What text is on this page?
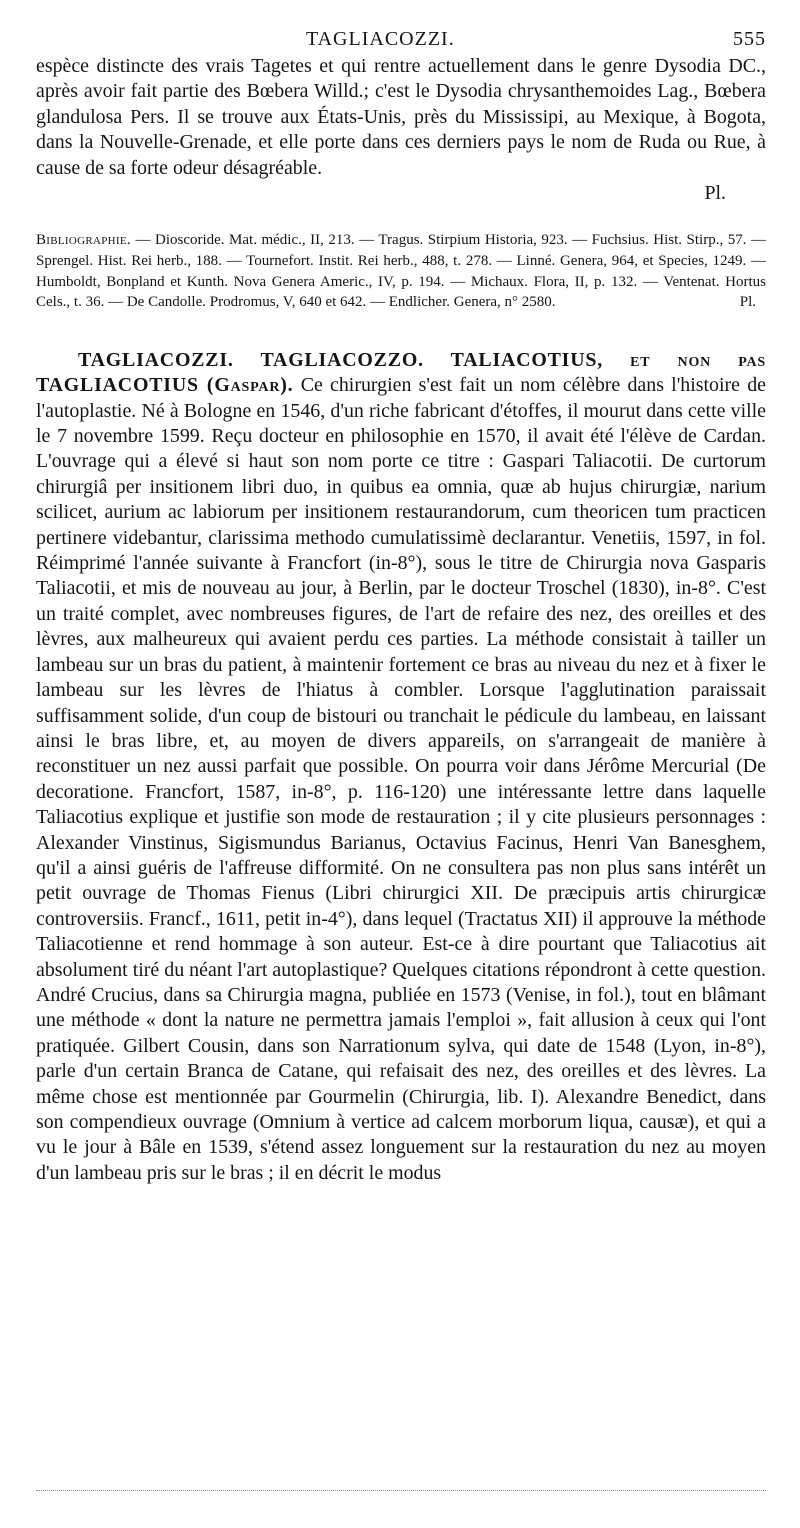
TAGLIACOZZI.	555

espèce distincte des vrais Tagetes et qui rentre actuellement dans le genre Dysodia DC., après avoir fait partie des Bœbera Willd.; c'est le Dysodia chrysanthemoides Lag., Bœbera glandulosa Pers. Il se trouve aux États-Unis, près du Mississipi, au Mexique, à Bogota, dans la Nouvelle-Grenade, et elle porte dans ces derniers pays le nom de Ruda ou Rue, à cause de sa forte odeur désagréable.
Pl.

Bibliographie. — Dioscoride. Mat. médic., II, 213. — Tragus. Stirpium Historia, 923. — Fuchsius. Hist. Stirp., 57. — Sprengel. Hist. Rei herb., 188. — Tournefort. Instit. Rei herb., 488, t. 278. — Linné. Genera, 964, et Species, 1249. — Humboldt, Bonpland et Kunth. Nova Genera Americ., IV, p. 194. — Michaux. Flora, II, p. 132. — Ventenat. Hortus Cels., t. 36. — De Candolle. Prodromus, V, 640 et 642. — Endlicher. Genera, n° 2580.	Pl.

TAGLIACOZZI. TAGLIACOZZO. TALIACOTIUS, et non pas TAGLIACOTIUS (Gaspar). Ce chirurgien s'est fait un nom célèbre dans l'histoire de l'autoplastie. Né à Bologne en 1546, d'un riche fabricant d'étoffes, il mourut dans cette ville le 7 novembre 1599. Reçu docteur en philosophie en 1570, il avait été l'élève de Cardan. L'ouvrage qui a élevé si haut son nom porte ce titre : Gaspari Taliacotii. De curtorum chirurgiâ per insitionem libri duo, in quibus ea omnia, quæ ab hujus chirurgiæ, narium scilicet, aurium ac labiorum per insitionem restaurandorum, cum theoricen tum practicen pertinere videbantur, clarissima methodo cumulatissimè declarantur. Venetiis, 1597, in fol. Réimprimé l'année suivante à Francfort (in-8°), sous le titre de Chirurgia nova Gasparis Taliacotii, et mis de nouveau au jour, à Berlin, par le docteur Troschel (1830), in-8°. C'est un traité complet, avec nombreuses figures, de l'art de refaire des nez, des oreilles et des lèvres, aux malheureux qui avaient perdu ces parties. La méthode consistait à tailler un lambeau sur un bras du patient, à maintenir fortement ce bras au niveau du nez et à fixer le lambeau sur les lèvres de l'hiatus à combler. Lorsque l'agglutination paraissait suffisamment solide, d'un coup de bistouri ou tranchait le pédicule du lambeau, en laissant ainsi le bras libre, et, au moyen de divers appareils, on s'arrangeait de manière à reconstituer un nez aussi parfait que possible. On pourra voir dans Jérôme Mercurial (De decoratione. Francfort, 1587, in-8°, p. 116-120) une intéressante lettre dans laquelle Taliacotius explique et justifie son mode de restauration ; il y cite plusieurs personnages : Alexander Vinstinus, Sigismundus Barianus, Octavius Facinus, Henri Van Banesghem, qu'il a ainsi guéris de l'affreuse difformité. On ne consultera pas non plus sans intérêt un petit ouvrage de Thomas Fienus (Libri chirurgici XII. De præcipuis artis chirurgicæ controversiis. Francf., 1611, petit in-4°), dans lequel (Tractatus XII) il approuve la méthode Taliacotienne et rend hommage à son auteur. Est-ce à dire pourtant que Taliacotius ait absolument tiré du néant l'art autoplastique? Quelques citations répondront à cette question. André Crucius, dans sa Chirurgia magna, publiée en 1573 (Venise, in fol.), tout en blâmant une méthode « dont la nature ne permettra jamais l'emploi », fait allusion à ceux qui l'ont pratiquée. Gilbert Cousin, dans son Narrationum sylva, qui date de 1548 (Lyon, in-8°), parle d'un certain Branca de Catane, qui refaisait des nez, des oreilles et des lèvres. La même chose est mentionnée par Gourmelin (Chirurgia, lib. I). Alexandre Benedict, dans son compendieux ouvrage (Omnium à vertice ad calcem morborum liqua, causæ), et qui a vu le jour à Bâle en 1539, s'étend assez longuement sur la restauration du nez au moyen d'un lambeau pris sur le bras ; il en décrit le modus
